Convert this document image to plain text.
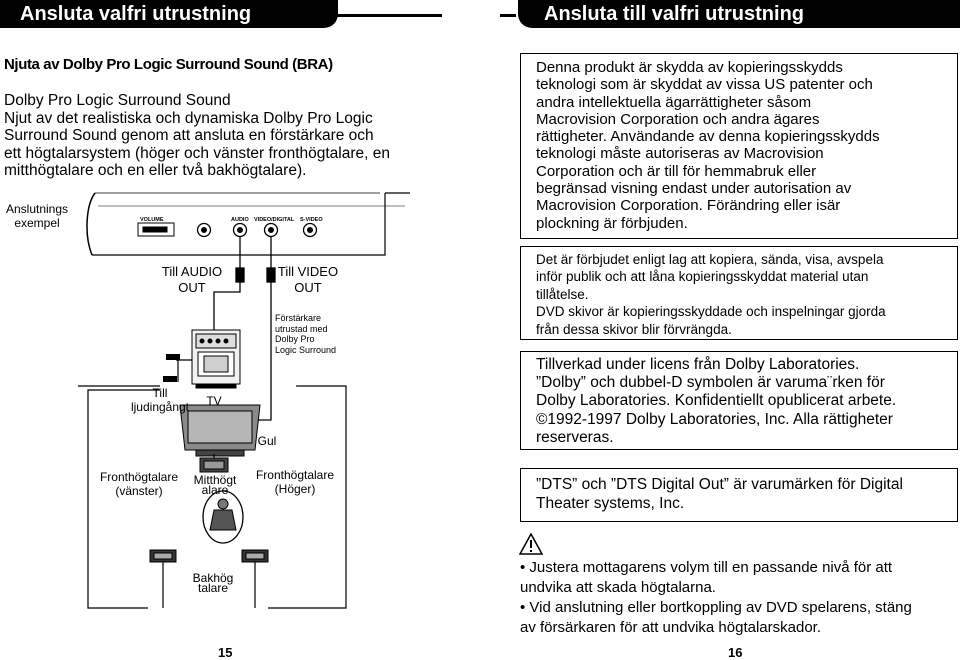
Ansluta valfri utrustning	Ansluta till valfri utrustning
Njuta av Dolby Pro Logic Surround Sound (BRA)
Dolby Pro Logic Surround Sound
Njut av det realistiska och dynamiska Dolby Pro Logic
Surround Sound genom att ansluta en förstärkare och
ett högtalarsystem (höger och vänster fronthögtalare, en
mitthögtalare och en eller två bakhögtalare).
Anslutnings
exempel	VOLUME	AUDIO VIDEO/DIGITAL S-VIDEO
Till AUDIO
OUT
Till VIDEO
OUT
Förstärkare
utrustad med
Dolby Pro
Logic Surround
Till
ljudingångt	TV
Gul
Fronthögtalare
(vänster)
Mitthögt
alare
Fronthögtalare
(Höger)
Bakhög
talare
15
Denna produkt är skydda av kopieringsskydds
teknologi som är skyddat av vissa US patenter och
andra intellektuella ägarrättigheter såsom
Macrovision Corporation och andra ägares
rättigheter. Användande av denna kopieringsskydds
teknologi måste autoriseras av Macrovision
Corporation och är till för hemmabruk eller
begränsad visning endast under autorisation av
Macrovision Corporation. Förändring eller isär
plockning är förbjuden.
Det är förbjudet enligt lag att kopiera, sända, visa, avspela
inför publik och att låna kopieringsskyddat material utan
tillåtelse.
DVD skivor är kopieringsskyddade och inspelningar gjorda
från dessa skivor blir förvrängda.
Tillverkad under licens från Dolby Laboratories.
”Dolby” och dubbel-D symbolen är varuma¨rken för
Dolby Laboratories. Konfidentiellt opublicerat arbete.
©1992-1997 Dolby Laboratories, Inc. Alla rättigheter
reserveras.
”DTS” och ”DTS Digital Out” är varumärken för Digital
Theater systems, Inc.
• Justera mottagarens volym till en passande nivå för att
undvika att skada högtalarna.
• Vid anslutning eller bortkoppling av DVD spelarens, stäng
av försärkaren för att undvika högtalarskador.
16
